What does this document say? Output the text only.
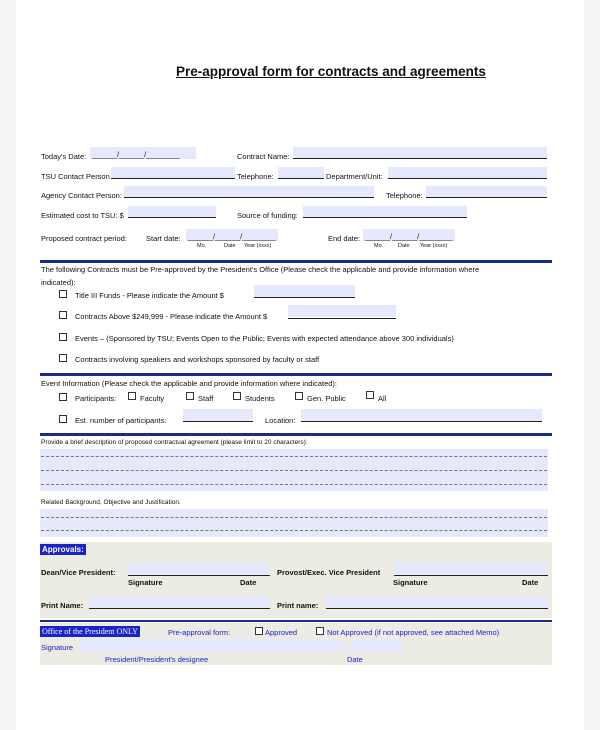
Pre-approval form for contracts and agreements
Today's Date: ______/______/________	Contract Name:
TSU Contact Person	Telephone:	Department/Unit:
Agency Contact Person:	Telephone:
Estimated cost to TSU: $	Source of funding:
Proposed contract period:	Start date: ______/______/________
Mo.	Date Year (xxxx)
End date: ______/______/________
Mo.	Date Year (xxxx)
The following Contracts must be Pre-approved by the President's Office (Please check the applicable and provide information where
indicated):
Title III Funds - Please indicate the Amount $
Contracts Above $249,999 - Please indicate the Amount $
Events – (Sponsored by TSU; Events Open to the Public; Events with expected attendance above 300 individuals)
Contracts involving speakers and workshops sponsored by faculty or staff
Event Information (Please check the applicable and provide information where indicated):
Participants:	Faculty	Staff	Students	Gen. Public	All
Est. number of participants:	Location:
Provide a brief description of proposed contractual agreement (please limit to 20 characters):
Related Background, Objective and Justification.
Approvals:
Dean/Vice President:
Signature	Date
Provost/Exec. Vice President
Signature	Date
Print Name:	Print name:
Office of the President ONLY	Pre-approval form:	Approved	Not Approved (if not approved, see attached Memo)
Signature
President/President's designee	Date
